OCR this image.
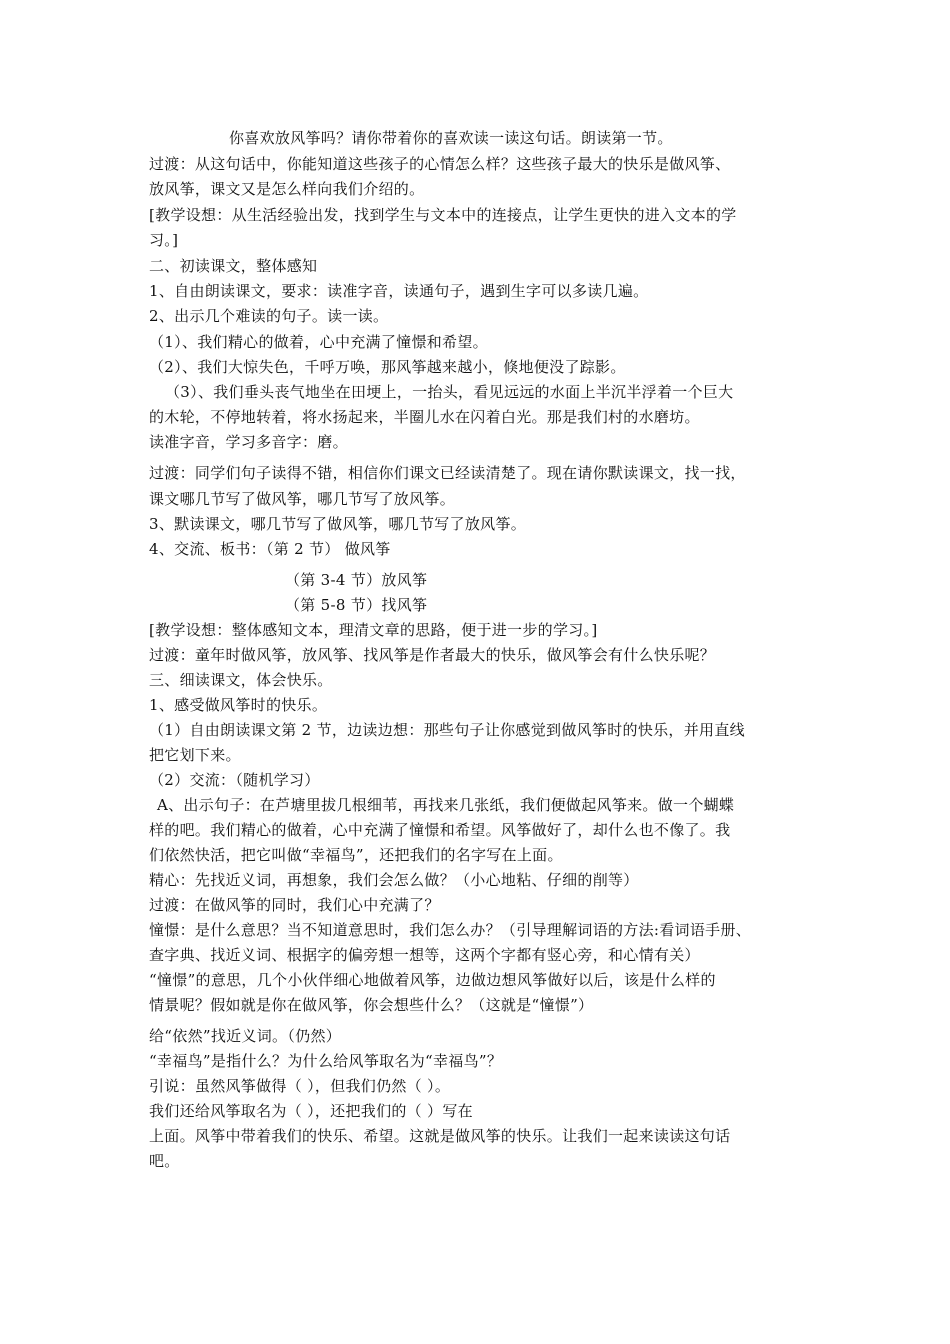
你喜欢放风筝吗？请你带着你的喜欢读一读这句话。朗读第一节。
过渡：从这句话中，你能知道这些孩子的心情怎么样？这些孩子最大的快乐是做风筝、
放风筝，课文又是怎么样向我们介绍的。
[教学设想：从生活经验出发，找到学生与文本中的连接点，让学生更快的进入文本的学
习。]
二、初读课文，整体感知
1、自由朗读课文，要求：读准字音，读通句子，遇到生字可以多读几遍。
2、出示几个难读的句子。读一读。
（1）、我们精心的做着，心中充满了憧憬和希望。
（2）、我们大惊失色，千呼万唤，那风筝越来越小，倏地便没了踪影。
（3）、我们垂头丧气地坐在田埂上，一抬头，看见远远的水面上半沉半浮着一个巨大
的木轮，不停地转着，将水扬起来，半圈儿水在闪着白光。那是我们村的水磨坊。
读准字音，学习多音字：磨。
过渡：同学们句子读得不错，相信你们课文已经读清楚了。现在请你默读课文，找一找，
课文哪几节写了做风筝，哪几节写了放风筝。
3、默读课文，哪几节写了做风筝，哪几节写了放风筝。
4、交流、板书：（第 2 节） 做风筝
（第 3-4 节）放风筝
（第 5-8 节）找风筝
[教学设想：整体感知文本，理清文章的思路，便于进一步的学习。]
过渡：童年时做风筝，放风筝、找风筝是作者最大的快乐，做风筝会有什么快乐呢？
三、细读课文，体会快乐。
1、感受做风筝时的快乐。
（1）自由朗读课文第 2 节，边读边想：那些句子让你感觉到做风筝时的快乐，并用直线
把它划下来。
（2）交流：（随机学习）
A、出示句子：在芦塘里拔几根细苇，再找来几张纸，我们便做起风筝来。做一个蝴蝶
样的吧。我们精心的做着，心中充满了憧憬和希望。风筝做好了，却什么也不像了。我
们依然快活，把它叫做“幸福鸟”，还把我们的名字写在上面。
精心：先找近义词，再想象，我们会怎么做？（小心地粘、仔细的削等）
过渡：在做风筝的同时，我们心中充满了？
憧憬：是什么意思？当不知道意思时，我们怎么办？（引导理解词语的方法:看词语手册、
查字典、找近义词、根据字的偏旁想一想等，这两个字都有竖心旁，和心情有关）
“憧憬”的意思，几个小伙伴细心地做着风筝，边做边想风筝做好以后，该是什么样的
情景呢？假如就是你在做风筝，你会想些什么？（这就是“憧憬”）
给“依然”找近义词。（仍然）
“幸福鸟”是指什么？为什么给风筝取名为“幸福鸟”？
引说：虽然风筝做得（ ），但我们仍然（ ）。
我们还给风筝取名为（ ），还把我们的（ ）写在
上面。风筝中带着我们的快乐、希望。这就是做风筝的快乐。让我们一起来读读这句话
吧。
